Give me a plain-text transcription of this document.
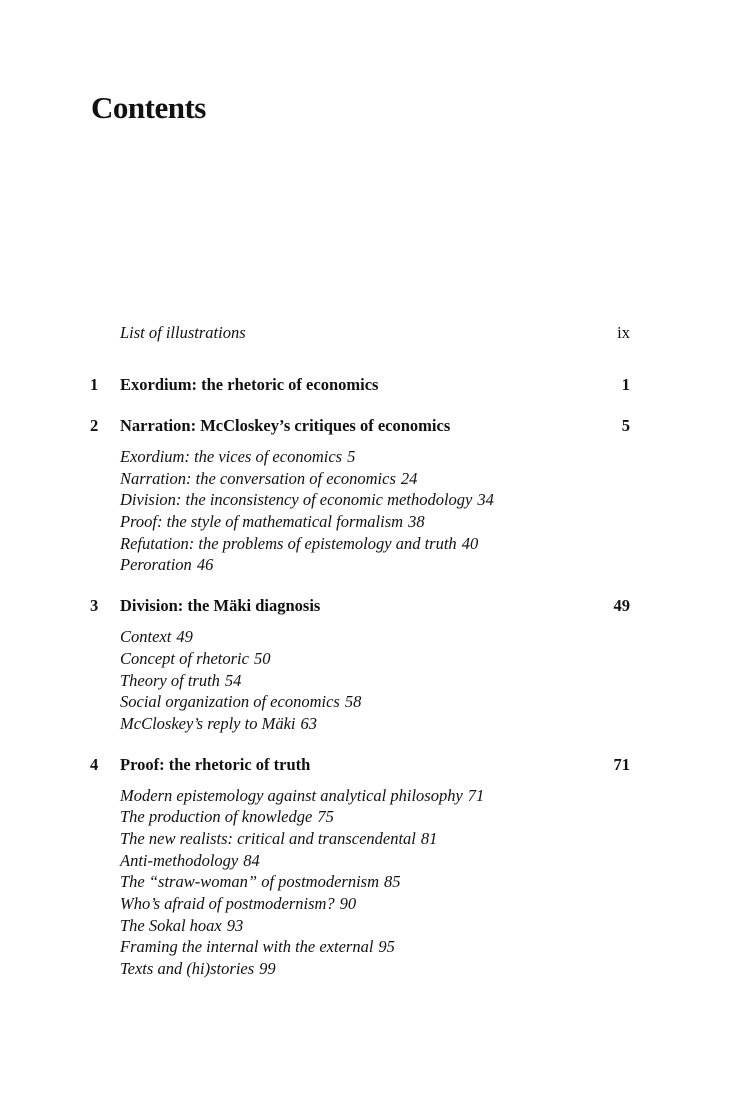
Contents
List of illustrations	ix
1 Exordium: the rhetoric of economics	1
2 Narration: McCloskey’s critiques of economics	5
Exordium: the vices of economics 5
Narration: the conversation of economics 24
Division: the inconsistency of economic methodology 34
Proof: the style of mathematical formalism 38
Refutation: the problems of epistemology and truth 40
Peroration 46
3 Division: the Mäki diagnosis	49
Context 49
Concept of rhetoric 50
Theory of truth 54
Social organization of economics 58
McCloskey’s reply to Mäki 63
4 Proof: the rhetoric of truth	71
Modern epistemology against analytical philosophy 71
The production of knowledge 75
The new realists: critical and transcendental 81
Anti-methodology 84
The “straw-woman” of postmodernism 85
Who’s afraid of postmodernism? 90
The Sokal hoax 93
Framing the internal with the external 95
Texts and (hi)stories 99
